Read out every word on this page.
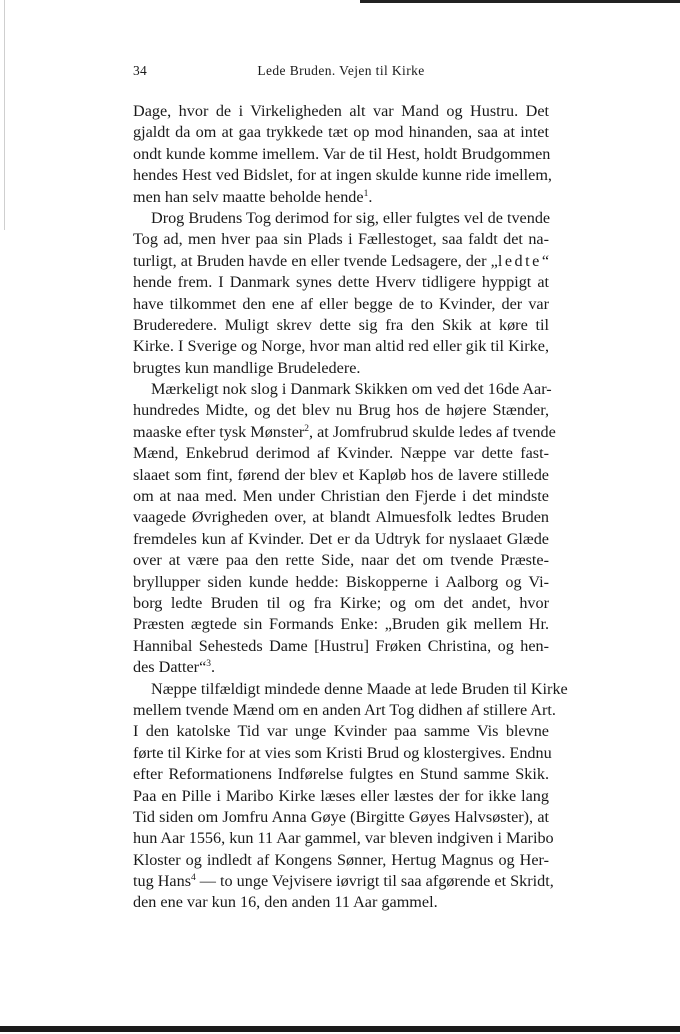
34	Lede Bruden. Vejen til Kirke
Dage, hvor de i Virkeligheden alt var Mand og Hustru. Det
gjaldt da om at gaa trykkede tæt op mod hinanden, saa at intet
ondt kunde komme imellem. Var de til Hest, holdt Brudgommen
hendes Hest ved Bidslet, for at ingen skulde kunne ride imellem,
men han selv maatte beholde hende$^1$.
Drog Brudens Tog derimod for sig, eller fulgtes vel de tvende
Tog ad, men hver paa sin Plads i Fællestoget, saa faldt det na-
turligt, at Bruden havde en eller tvende Ledsagere, der „ledte“
hende frem. I Danmark synes dette Hverv tidligere hyppigt at
have tilkommet den ene af eller begge de to Kvinder, der var
Bruderedere. Muligt skrev dette sig fra den Skik at køre til
Kirke. I Sverige og Norge, hvor man altid red eller gik til Kirke,
brugtes kun mandlige Brudeledere.
Mærkeligt nok slog i Danmark Skikken om ved det 16de Aar-
hundredes Midte, og det blev nu Brug hos de højere Stænder,
maaske efter tysk Mønster$^2$, at Jomfrubrud skulde ledes af tvende
Mænd, Enkebrud derimod af Kvinder. Næppe var dette fast-
slaaet som fint, førend der blev et Kapløb hos de lavere stillede
om at naa med. Men under Christian den Fjerde i det mindste
vaagede Øvrigheden over, at blandt Almuesfolk ledtes Bruden
fremdeles kun af Kvinder. Det er da Udtryk for nyslaaet Glæde
over at være paa den rette Side, naar det om tvende Præste-
bryllupper siden kunde hedde: Biskopperne i Aalborg og Vi-
borg ledte Bruden til og fra Kirke; og om det andet, hvor
Præsten ægtede sin Formands Enke: „Bruden gik mellem Hr.
Hannibal Sehesteds Dame [Hustru] Frøken Christina, og hen-
des Datter“$^3$.
Næppe tilfældigt mindede denne Maade at lede Bruden til Kirke
mellem tvende Mænd om en anden Art Tog didhen af stillere Art.
I den katolske Tid var unge Kvinder paa samme Vis blevne
førte til Kirke for at vies som Kristi Brud og klostergives. Endnu
efter Reformationens Indførelse fulgtes en Stund samme Skik.
Paa en Pille i Maribo Kirke læses eller læstes der for ikke lang
Tid siden om Jomfru Anna Gøye (Birgitte Gøyes Halvsøster), at
hun Aar 1556, kun 11 Aar gammel, var bleven indgiven i Maribo
Kloster og indledt af Kongens Sønner, Hertug Magnus og Her-
tug Hans$^4$ — to unge Vejvisere iøvrigt til saa afgørende et Skridt,
den ene var kun 16, den anden 11 Aar gammel.
